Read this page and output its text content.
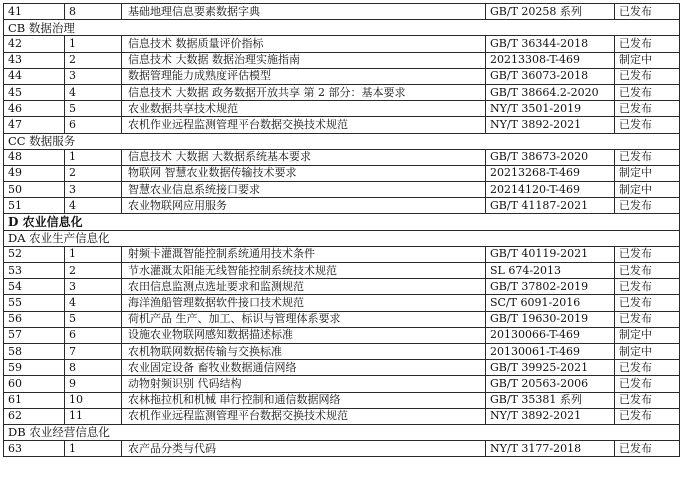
41	8	基础地理信息要素数据字典	GB/T 20258 系列	已发布
CB 数据治理				
42	1	信息技术 数据质量评价指标	GB/T 36344-2018	已发布
43	2	信息技术 大数据 数据治理实施指南	20213308-T-469	制定中
44	3	数据管理能力成熟度评估模型	GB/T 36073-2018	已发布
45	4	信息技术 大数据 政务数据开放共享 第 2 部分：基本要求	GB/T 38664.2-2020	已发布
46	5	农业数据共享技术规范	NY/T 3501-2019	已发布
47	6	农机作业远程监测管理平台数据交换技术规范	NY/T 3892-2021	已发布
CC 数据服务				
48	1	信息技术 大数据 大数据系统基本要求	GB/T 38673-2020	已发布
49	2	物联网 智慧农业数据传输技术要求	20213268-T-469	制定中
50	3	智慧农业信息系统接口要求	20214120-T-469	制定中
51	4	农业物联网应用服务	GB/T 41187-2021	已发布
D 农业信息化				
DA 农业生产信息化				
52	1	射频卡灌溉智能控制系统通用技术条件	GB/T 40119-2021	已发布
53	2	节水灌溉太阳能无线智能控制系统技术规范	SL 674-2013	已发布
54	3	农田信息监测点选址要求和监测规范	GB/T 37802-2019	已发布
55	4	海洋渔船管理数据软件接口技术规范	SC/T 6091-2016	已发布
56	5	荷机产品 生产、加工、标识与管理体系要求	GB/T 19630-2019	已发布
57	6	设施农业物联网感知数据描述标准	20130066-T-469	制定中
58	7	农机物联网数据传输与交换标准	20130061-T-469	制定中
59	8	农业固定设备 畜牧业数据通信网络	GB/T 39925-2021	已发布
60	9	动物射频识别 代码结构	GB/T 20563-2006	已发布
61	10	农林拖拉机和机械 串行控制和通信数据网络	GB/T 35381 系列	已发布
62	11	农机作业远程监测管理平台数据交换技术规范	NY/T 3892-2021	已发布
DB 农业经营信息化				
63	1	农产品分类与代码	NY/T 3177-2018	已发布
